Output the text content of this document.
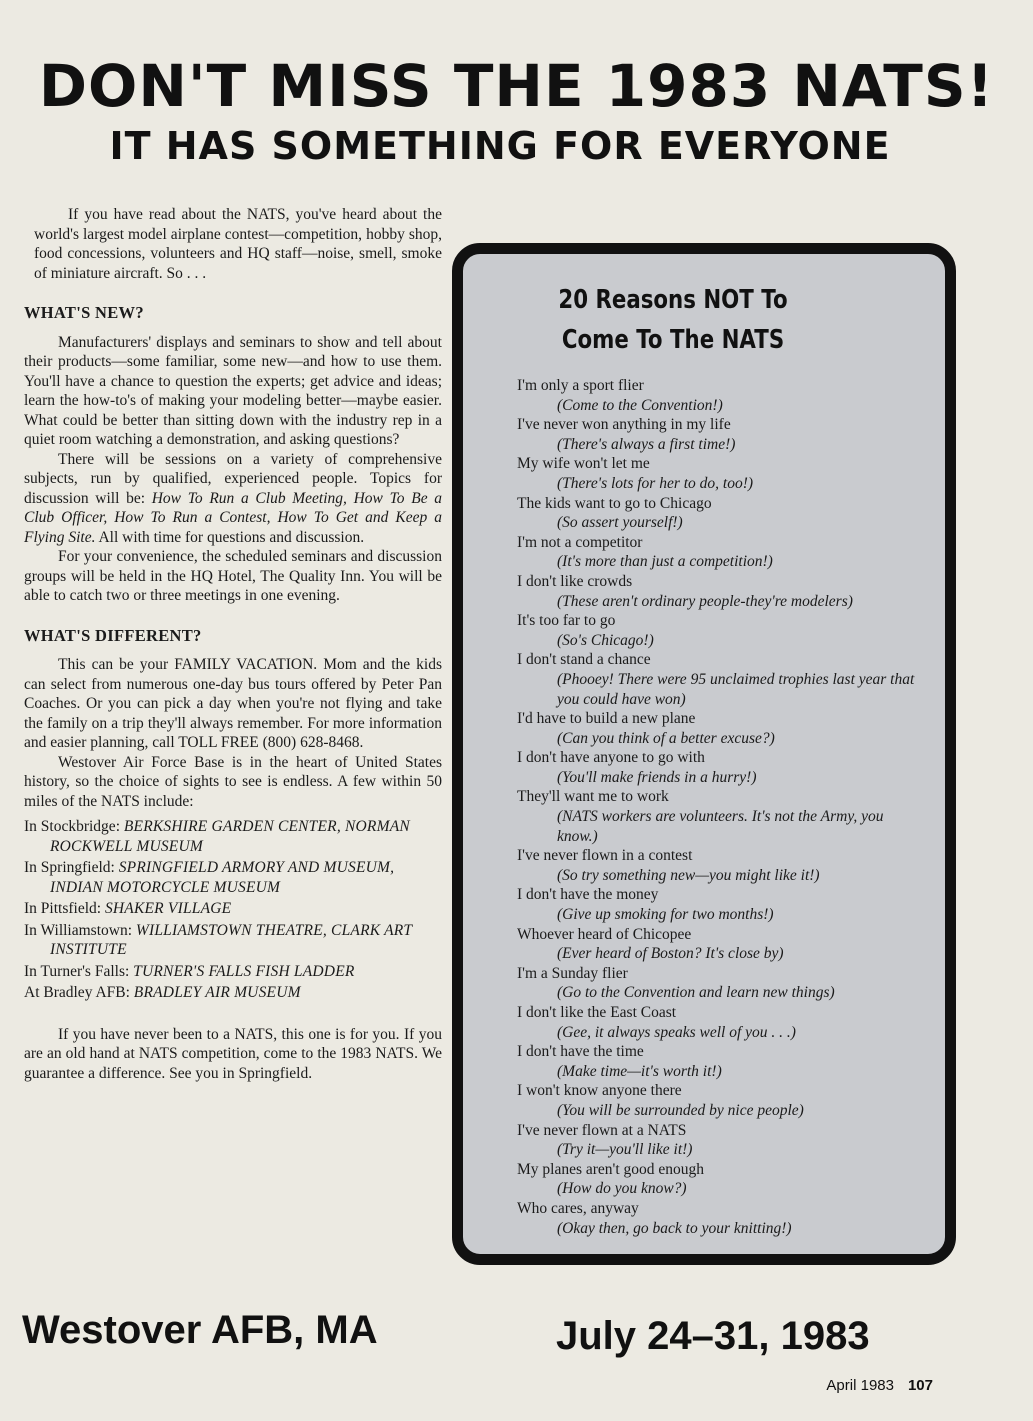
DON'T MISS THE 1983 NATS!
IT HAS SOMETHING FOR EVERYONE

If you have read about the NATS, you've heard about the world's largest model airplane contest—competition, hobby shop, food concessions, volunteers and HQ staff—noise, smell, smoke of miniature aircraft. So . . .

WHAT'S NEW?

Manufacturers' displays and seminars to show and tell about their products—some familiar, some new—and how to use them. You'll have a chance to question the experts; get advice and ideas; learn the how-to's of making your modeling better—maybe easier. What could be better than sitting down with the industry rep in a quiet room watching a demonstration, and asking questions?

There will be sessions on a variety of comprehensive subjects, run by qualified, experienced people. Topics for discussion will be: How To Run a Club Meeting, How To Be a Club Officer, How To Run a Contest, How To Get and Keep a Flying Site. All with time for questions and discussion.

For your convenience, the scheduled seminars and discussion groups will be held in the HQ Hotel, The Quality Inn. You will be able to catch two or three meetings in one evening.

WHAT'S DIFFERENT?

This can be your FAMILY VACATION. Mom and the kids can select from numerous one-day bus tours offered by Peter Pan Coaches. Or you can pick a day when you're not flying and take the family on a trip they'll always remember. For more information and easier planning, call TOLL FREE (800) 628-8468.

Westover Air Force Base is in the heart of United States history, so the choice of sights to see is endless. A few within 50 miles of the NATS include:

In Stockbridge: BERKSHIRE GARDEN CENTER, NORMAN ROCKWELL MUSEUM
In Springfield: SPRINGFIELD ARMORY AND MUSEUM, INDIAN MOTORCYCLE MUSEUM
In Pittsfield: SHAKER VILLAGE
In Williamstown: WILLIAMSTOWN THEATRE, CLARK ART INSTITUTE
In Turner's Falls: TURNER'S FALLS FISH LADDER
At Bradley AFB: BRADLEY AIR MUSEUM

If you have never been to a NATS, this one is for you. If you are an old hand at NATS competition, come to the 1983 NATS. We guarantee a difference. See you in Springfield.

20 Reasons NOT To
Come To The NATS
I'm only a sport flier
(Come to the Convention!)
I've never won anything in my life
(There's always a first time!)
My wife won't let me
(There's lots for her to do, too!)
The kids want to go to Chicago
(So assert yourself!)
I'm not a competitor
(It's more than just a competition!)
I don't like crowds
(These aren't ordinary people-they're modelers)
It's too far to go
(So's Chicago!)
I don't stand a chance
(Phooey! There were 95 unclaimed trophies last year that you could have won)
I'd have to build a new plane
(Can you think of a better excuse?)
I don't have anyone to go with
(You'll make friends in a hurry!)
They'll want me to work
(NATS workers are volunteers. It's not the Army, you know.)
I've never flown in a contest
(So try something new—you might like it!)
I don't have the money
(Give up smoking for two months!)
Whoever heard of Chicopee
(Ever heard of Boston? It's close by)
I'm a Sunday flier
(Go to the Convention and learn new things)
I don't like the East Coast
(Gee, it always speaks well of you . . .)
I don't have the time
(Make time—it's worth it!)
I won't know anyone there
(You will be surrounded by nice people)
I've never flown at a NATS
(Try it—you'll like it!)
My planes aren't good enough
(How do you know?)
Who cares, anyway
(Okay then, go back to your knitting!)
Westover AFB, MA	July 24–31, 1983
April 1983 107
